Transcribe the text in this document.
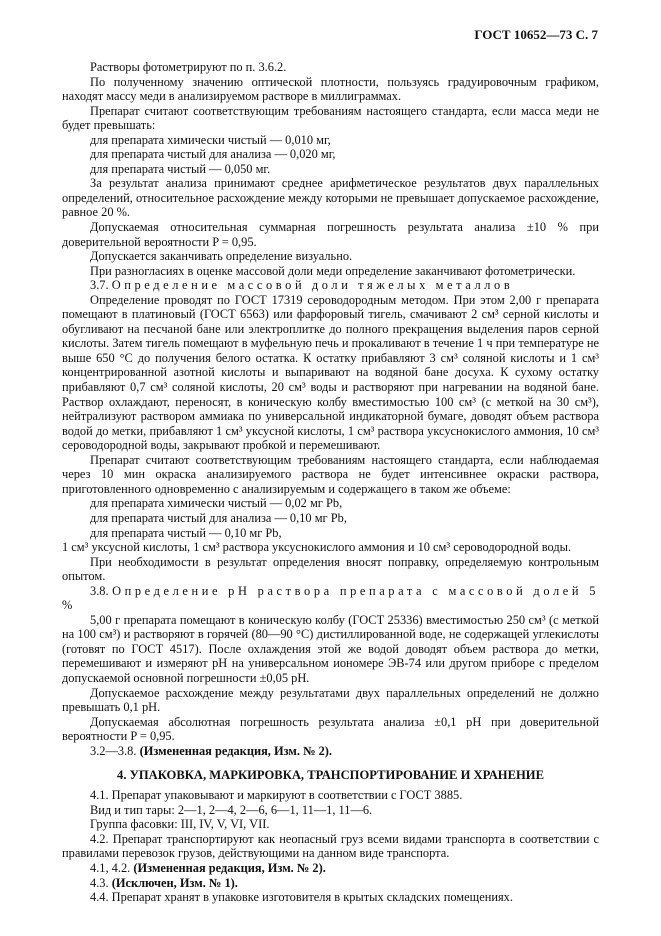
ГОСТ 10652—73 С. 7

Растворы фотометрируют по п. 3.6.2.

По полученному значению оптической плотности, пользуясь градуировочным графиком, находят массу меди в анализируемом растворе в миллиграммах.

Препарат считают соответствующим требованиям настоящего стандарта, если масса меди не будет превышать:

для препарата химически чистый — 0,010 мг,

для препарата чистый для анализа — 0,020 мг,

для препарата чистый — 0,050 мг.

За результат анализа принимают среднее арифметическое результатов двух параллельных определений, относительное расхождение между которыми не превышает допускаемое расхождение, равное 20 %.

Допускаемая относительная суммарная погрешность результата анализа ±10 % при доверительной вероятности P = 0,95.

Допускается заканчивать определение визуально.

При разногласиях в оценке массовой доли меди определение заканчивают фотометрически.

3.7. Определение массовой доли тяжелых металлов

Определение проводят по ГОСТ 17319 сероводородным методом. При этом 2,00 г препарата помещают в платиновый (ГОСТ 6563) или фарфоровый тигель, смачивают 2 см³ серной кислоты и обугливают на песчаной бане или электроплитке до полного прекращения выделения паров серной кислоты. Затем тигель помещают в муфельную печь и прокаливают в течение 1 ч при температуре не выше 650 °С до получения белого остатка. К остатку прибавляют 3 см³ соляной кислоты и 1 см³ концентрированной азотной кислоты и выпаривают на водяной бане досуха. К сухому остатку прибавляют 0,7 см³ соляной кислоты, 20 см³ воды и растворяют при нагревании на водяной бане. Раствор охлаждают, переносят, в коническую колбу вместимостью 100 см³ (с меткой на 30 см³), нейтрализуют раствором аммиака по универсальной индикаторной бумаге, доводят объем раствора водой до метки, прибавляют 1 см³ уксусной кислоты, 1 см³ раствора уксуснокислого аммония, 10 см³ сероводородной воды, закрывают пробкой и перемешивают.

Препарат считают соответствующим требованиям настоящего стандарта, если наблюдаемая через 10 мин окраска анализируемого раствора не будет интенсивнее окраски раствора, приготовленного одновременно с анализируемым и содержащего в таком же объеме:

для препарата химически чистый — 0,02 мг Pb,

для препарата чистый для анализа — 0,10 мг Pb,

для препарата чистый — 0,10 мг Pb,

1 см³ уксусной кислоты, 1 см³ раствора уксуснокислого аммония и 10 см³ сероводородной воды.

При необходимости в результат определения вносят поправку, определяемую контрольным опытом.

3.8. Определение pH раствора препарата с массовой долей 5 %

5,00 г препарата помещают в коническую колбу (ГОСТ 25336) вместимостью 250 см³ (с меткой на 100 см³) и растворяют в горячей (80—90 °С) дистиллированной воде, не содержащей углекислоты (готовят по ГОСТ 4517). После охлаждения этой же водой доводят объем раствора до метки, перемешивают и измеряют pH на универсальном иономере ЭВ-74 или другом приборе с пределом допускаемой основной погрешности ±0,05 pH.

Допускаемое расхождение между результатами двух параллельных определений не должно превышать 0,1 pH.

Допускаемая абсолютная погрешность результата анализа ±0,1 pH при доверительной вероятности P = 0,95.

3.2—3.8. (Измененная редакция, Изм. № 2).

4. УПАКОВКА, МАРКИРОВКА, ТРАНСПОРТИРОВАНИЕ И ХРАНЕНИЕ

4.1. Препарат упаковывают и маркируют в соответствии с ГОСТ 3885.

Вид и тип тары: 2—1, 2—4, 2—6, 6—1, 11—1, 11—6.

Группа фасовки: III, IV, V, VI, VII.

4.2. Препарат транспортируют как неопасный груз всеми видами транспорта в соответствии с правилами перевозок грузов, действующими на данном виде транспорта.

4.1, 4.2. (Измененная редакция, Изм. № 2).

4.3. (Исключен, Изм. № 1).

4.4. Препарат хранят в упаковке изготовителя в крытых складских помещениях.
